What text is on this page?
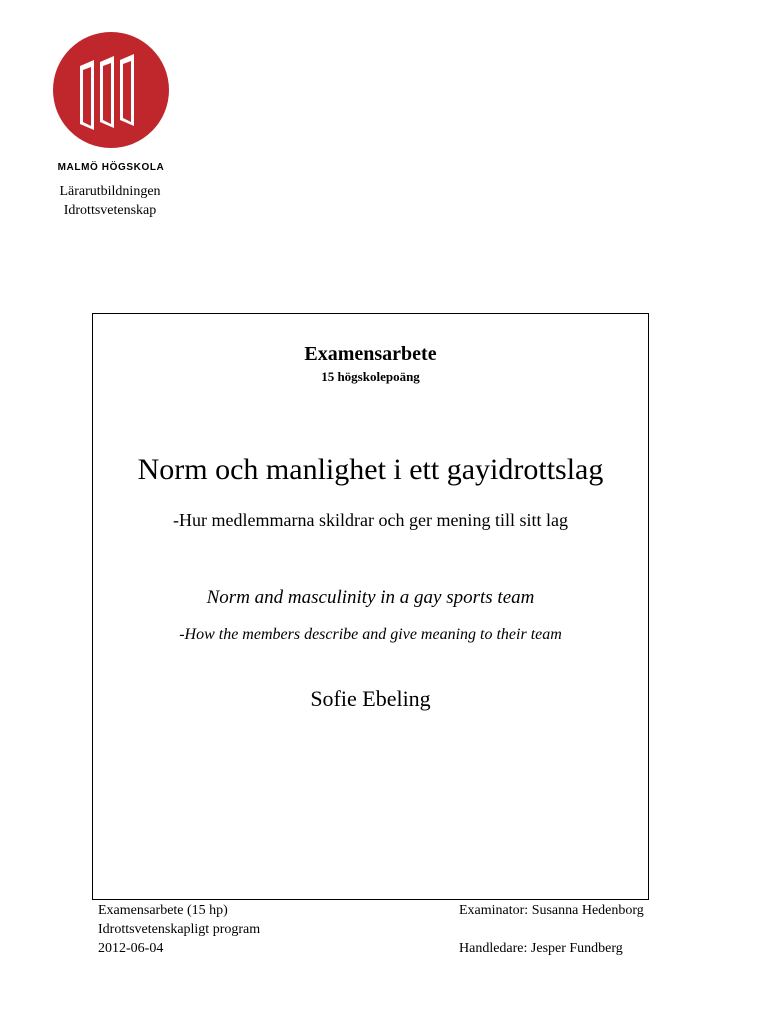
MALMÖ HÖGSKOLA
Lärarutbildningen
Idrottsvetenskap
Examensarbete
15 högskolepoäng
Norm och manlighet i ett gayidrottslag
-Hur medlemmarna skildrar och ger mening till sitt lag
Norm and masculinity in a gay sports team
-How the members describe and give meaning to their team
Sofie Ebeling
Examensarbete (15 hp)
Idrottsvetenskapligt program
2012-06-04
Examinator: Susanna Hedenborg
Handledare: Jesper Fundberg
